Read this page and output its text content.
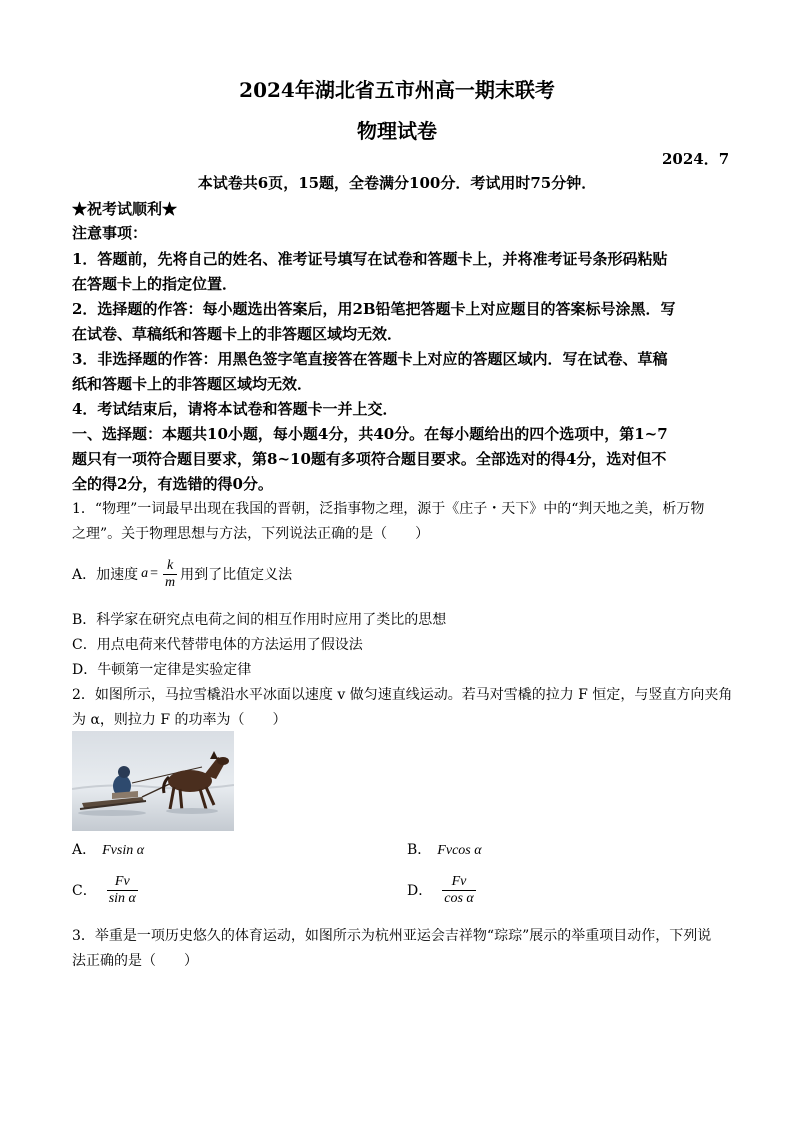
2024年湖北省五市州高一期末联考
物理试卷
2024．7
本试卷共6页，15题，全卷满分100分．考试用时75分钟．
★祝考试顺利★
注意事项：
1．答题前，先将自己的姓名、准考证号填写在试卷和答题卡上，并将准考证号条形码粘贴
在答题卡上的指定位置．
2．选择题的作答：每小题选出答案后，用2B铅笔把答题卡上对应题目的答案标号涂黑．写
在试卷、草稿纸和答题卡上的非答题区域均无效．
3．非选择题的作答：用黑色签字笔直接答在答题卡上对应的答题区域内．写在试卷、草稿
纸和答题卡上的非答题区域均无效．
4．考试结束后，请将本试卷和答题卡一并上交．
一、选择题：本题共10小题，每小题4分，共40分。在每小题给出的四个选项中，第1~7
题只有一项符合题目要求，第8~10题有多项符合题目要求。全部选对的得4分，选对但不
全的得2分，有选错的得0分。
1．“物理”一词最早出现在我国的晋朝，泛指事物之理，源于《庄子・天下》中的“判天地之美，析万物
之理”。关于物理思想与方法，下列说法正确的是（　　）
A．加速度 $a = \frac{k}{m}$ 用到了比值定义法
B．科学家在研究点电荷之间的相互作用时应用了类比的思想
C．用点电荷来代替带电体的方法运用了假设法
D．牛顿第一定律是实验定律
2．如图所示，马拉雪橇沿水平冰面以速度 v 做匀速直线运动。若马对雪橇的拉力 F 恒定，与竖直方向夹角
为 α，则拉力 F 的功率为（　　）
A． Fvsin α	B． Fvcos α
C． $\frac{Fv}{\text{sin α}}$	D． $\frac{Fv}{\text{cos α}}$
3．举重是一项历史悠久的体育运动，如图所示为杭州亚运会吉祥物“琮琮”展示的举重项目动作，下列说
法正确的是（　　）
